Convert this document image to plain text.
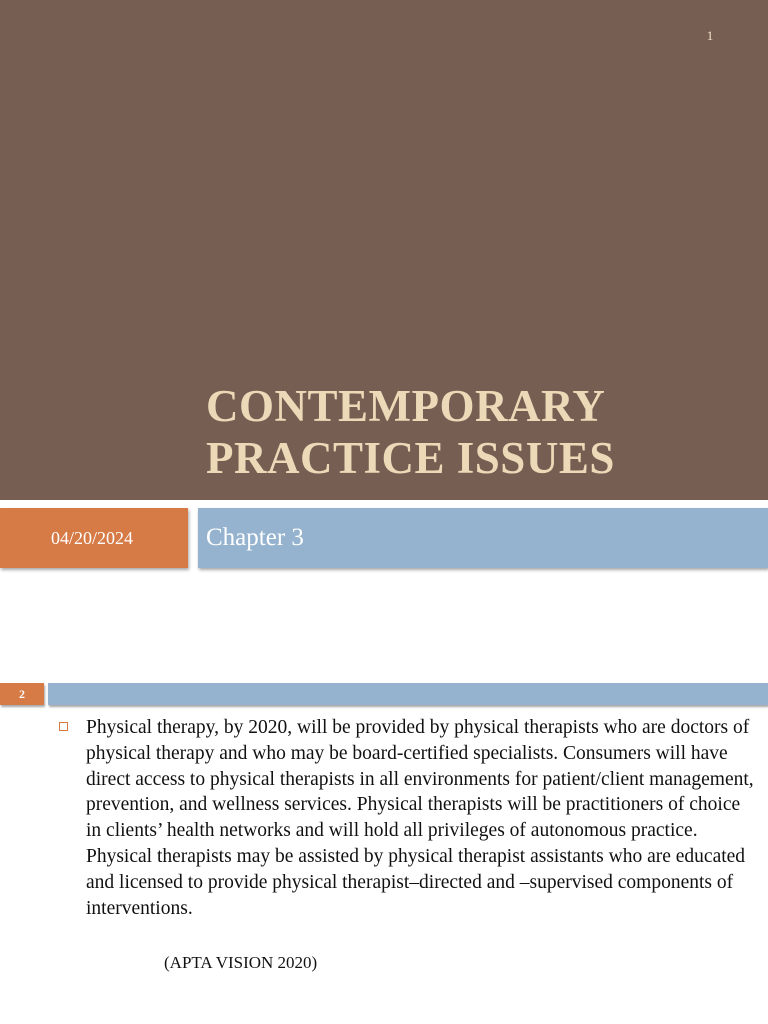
1
CONTEMPORARY
PRACTICE ISSUES
04/20/2024	Chapter 3
2
Physical therapy, by 2020, will be provided by physical therapists who are doctors of physical therapy and who may be board-certified specialists. Consumers will have direct access to physical therapists in all environments for patient/client management, prevention, and wellness services. Physical therapists will be practitioners of choice in clients’ health networks and will hold all privileges of autonomous practice. Physical therapists may be assisted by physical therapist assistants who are educated and licensed to provide physical therapist–directed and –supervised components of interventions.
(APTA VISION 2020)
